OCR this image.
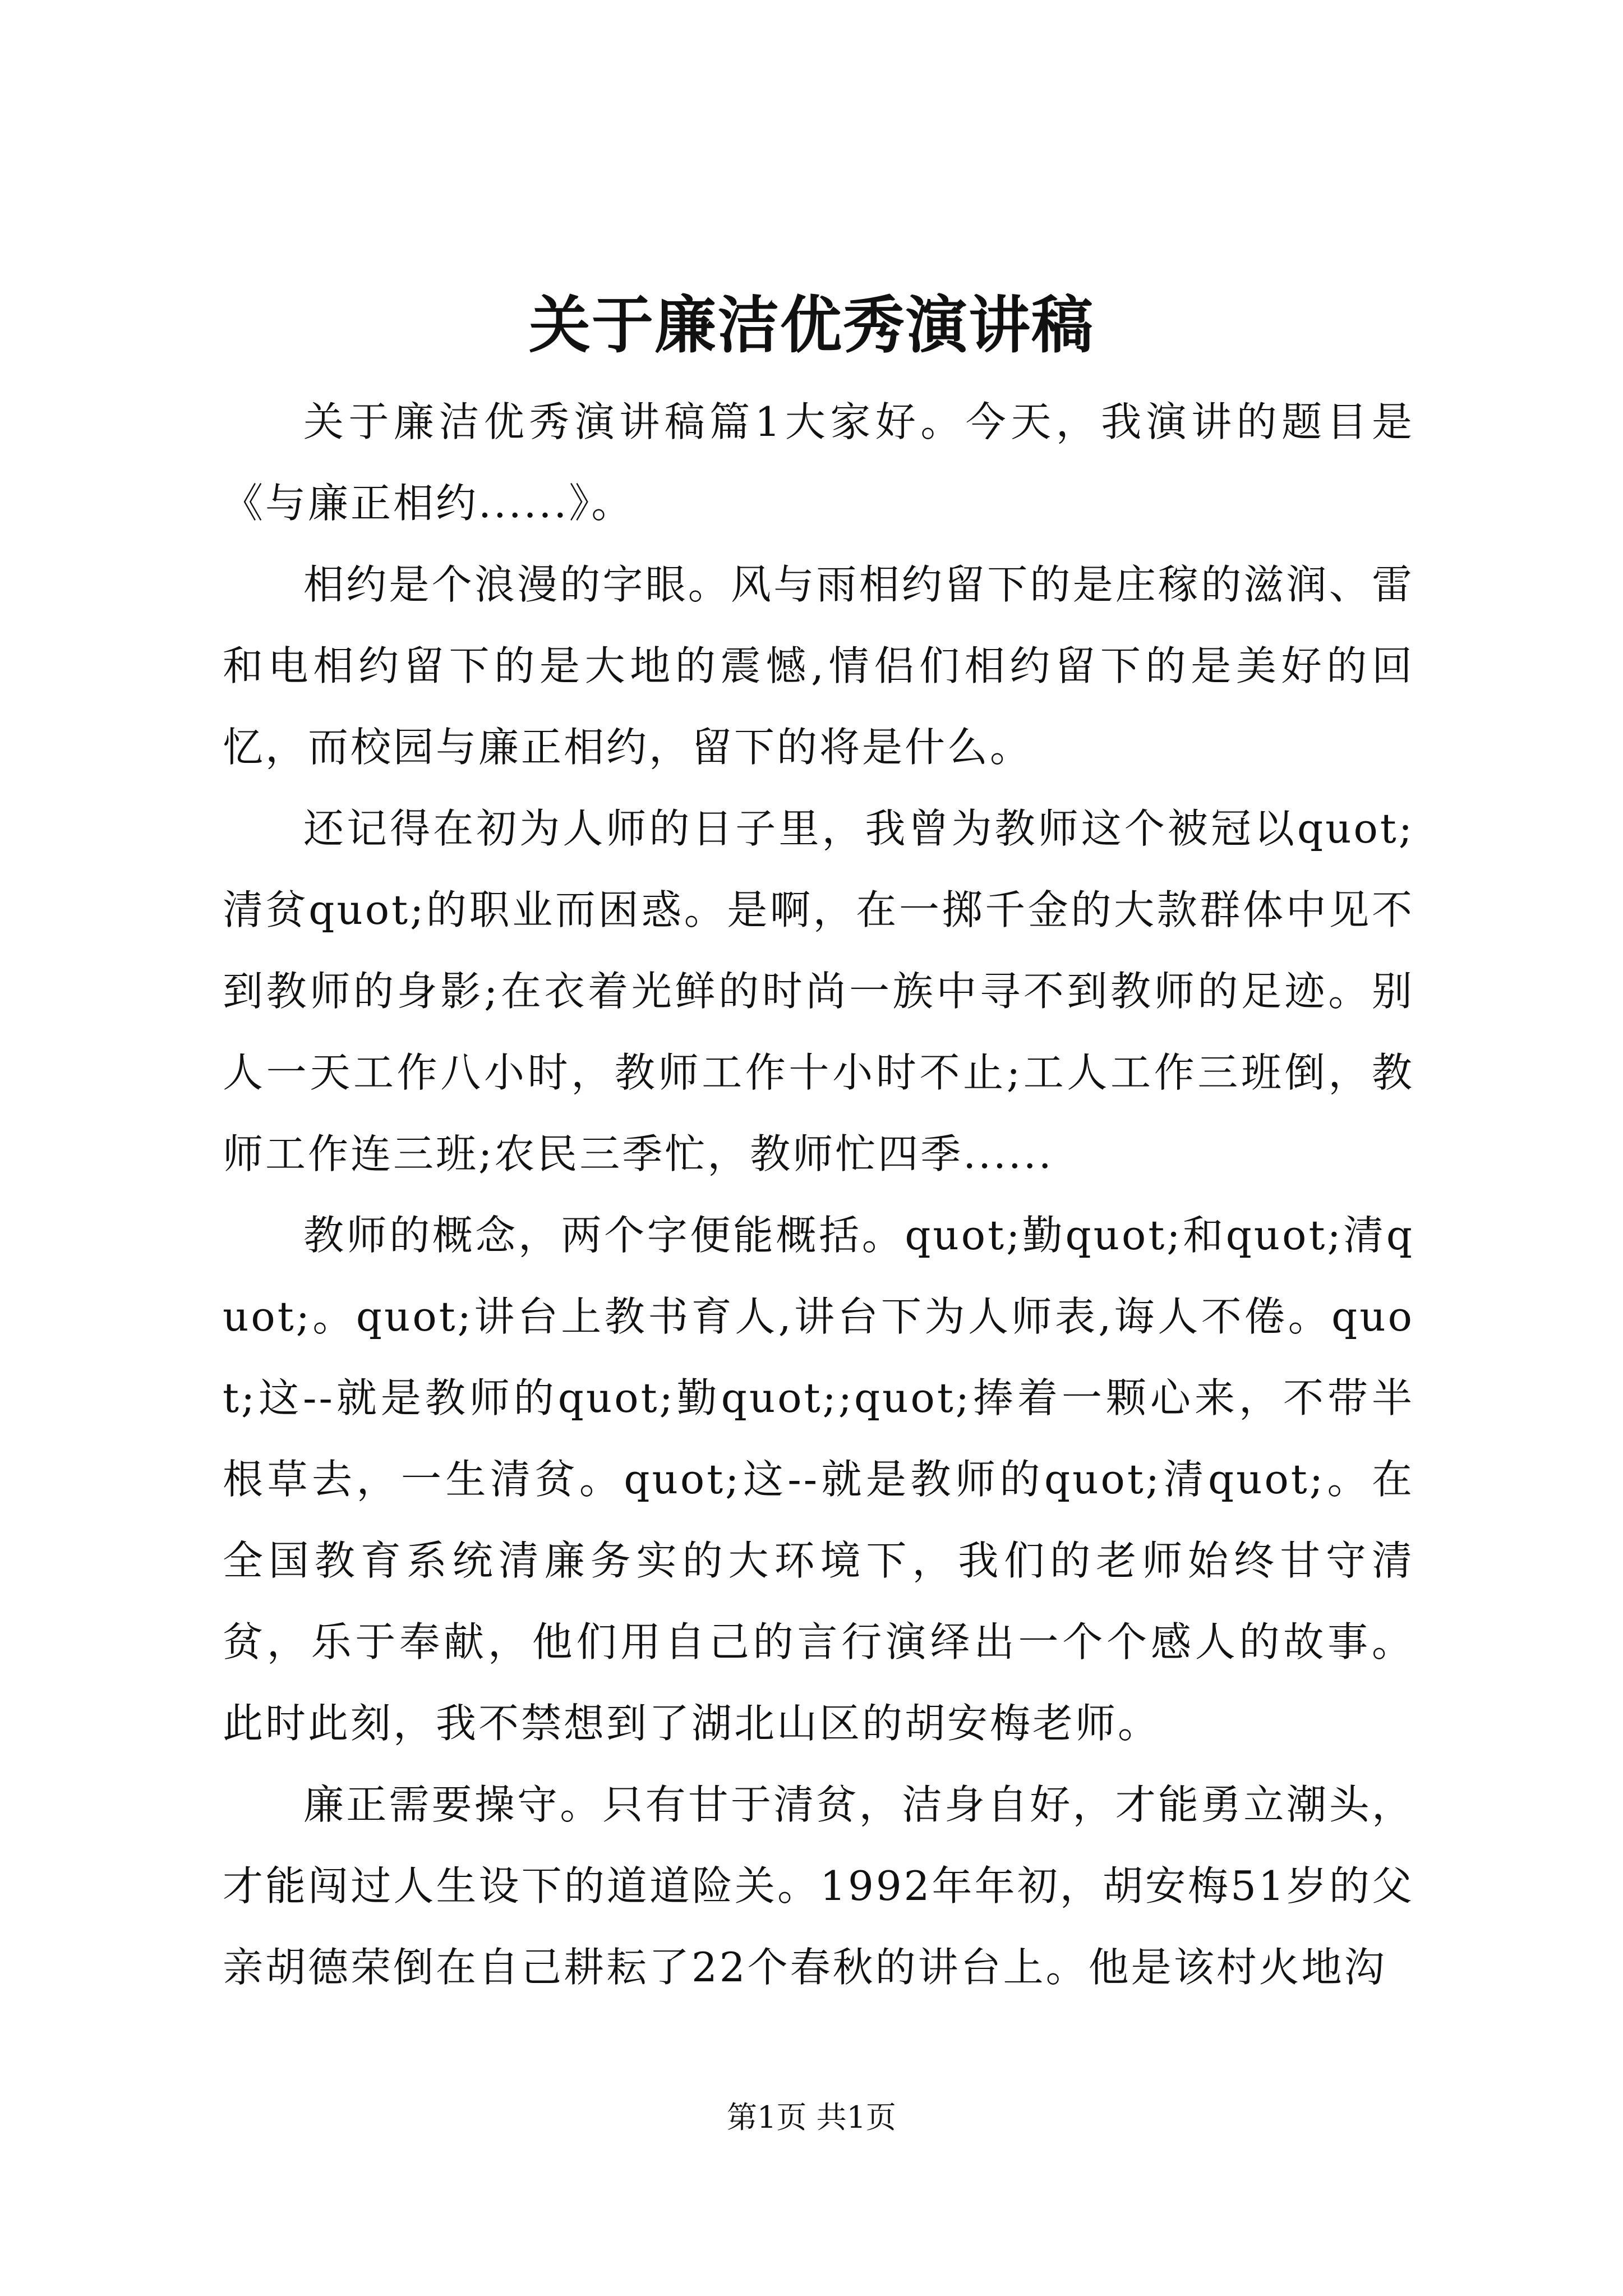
关于廉洁优秀演讲稿

关于廉洁优秀演讲稿篇1大家好。今天，我演讲的题目是《与廉正相约......》。

相约是个浪漫的字眼。风与雨相约留下的是庄稼的滋润、雷和电相约留下的是大地的震憾,情侣们相约留下的是美好的回忆，而校园与廉正相约，留下的将是什么。

还记得在初为人师的日子里，我曾为教师这个被冠以quot;清贫quot;的职业而困惑。是啊，在一掷千金的大款群体中见不到教师的身影;在衣着光鲜的时尚一族中寻不到教师的足迹。别人一天工作八小时，教师工作十小时不止;工人工作三班倒，教师工作连三班;农民三季忙，教师忙四季......

教师的概念，两个字便能概括。quot;勤quot;和quot;清quot;。quot;讲台上教书育人,讲台下为人师表,诲人不倦。quot;这--就是教师的quot;勤quot;;quot;捧着一颗心来，不带半根草去，一生清贫。quot;这--就是教师的quot;清quot;。在全国教育系统清廉务实的大环境下，我们的老师始终甘守清贫，乐于奉献，他们用自己的言行演绎出一个个感人的故事。此时此刻，我不禁想到了湖北山区的胡安梅老师。

廉正需要操守。只有甘于清贫，洁身自好，才能勇立潮头，才能闯过人生设下的道道险关。1992年年初，胡安梅51岁的父亲胡德荣倒在自己耕耘了22个春秋的讲台上。他是该村火地沟

第1页 共1页
